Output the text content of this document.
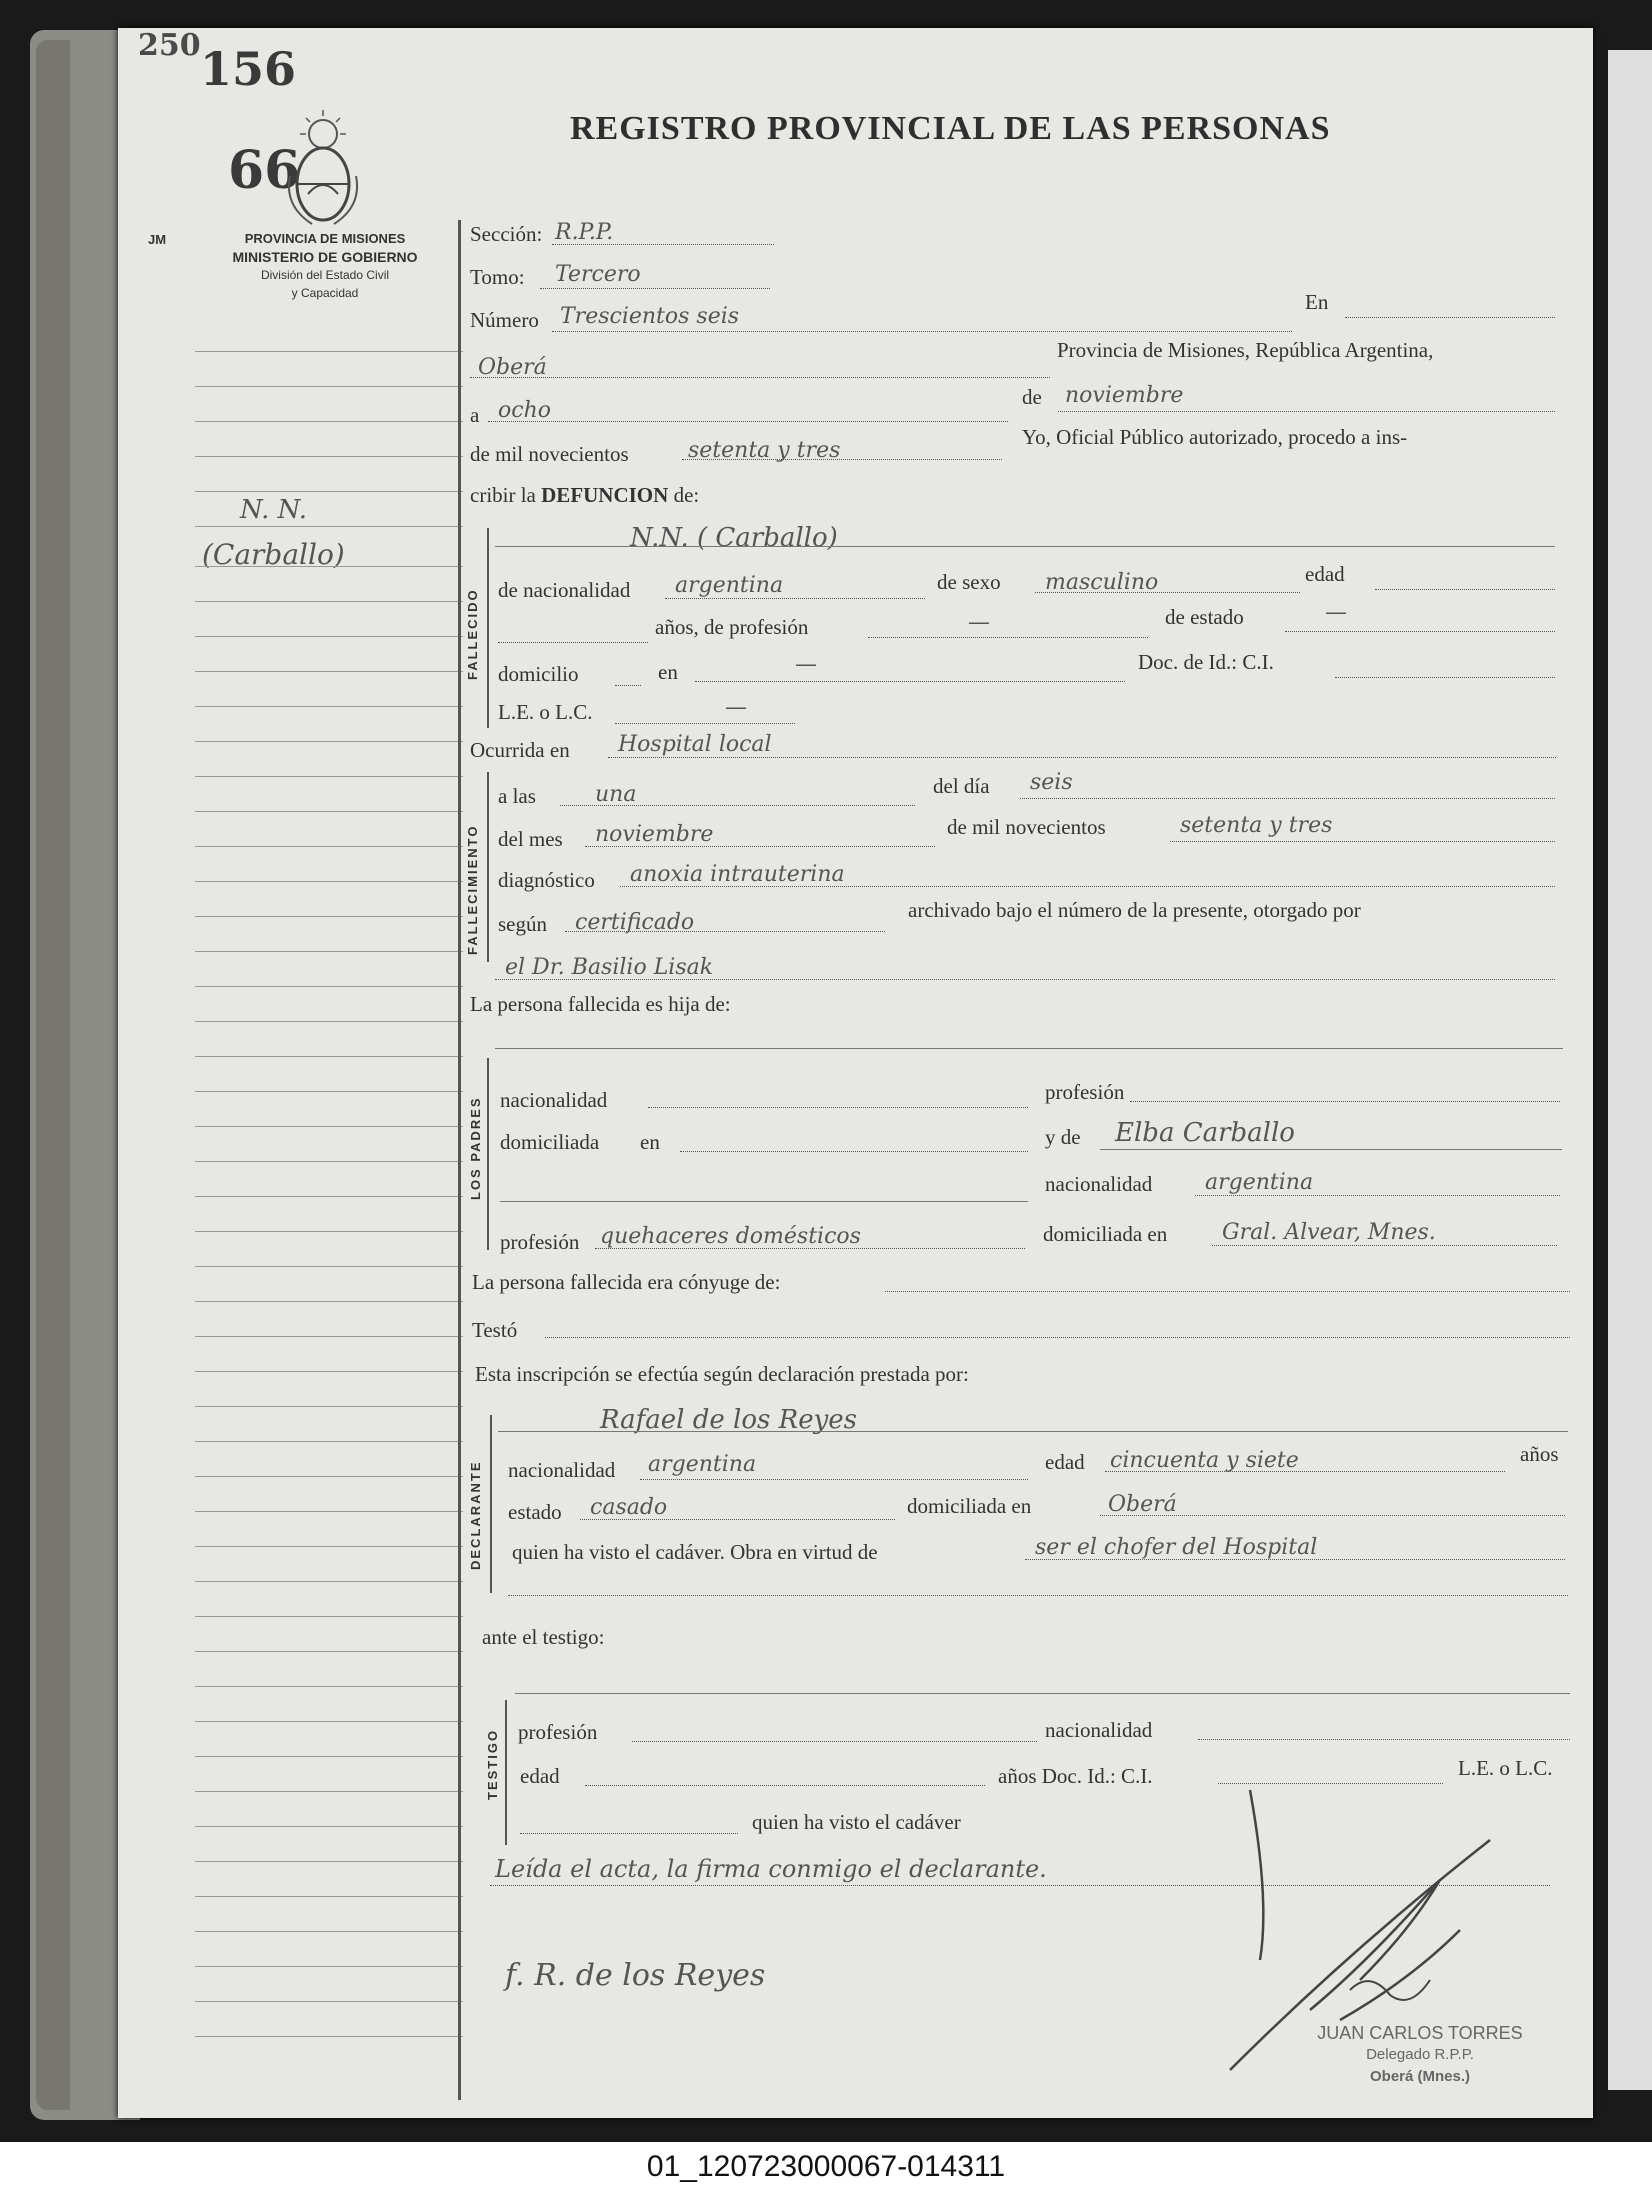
156
250
66
REGISTRO PROVINCIAL DE LAS PERSONAS
JM	PROVINCIA DE MISIONES
MINISTERIO DE GOBIERNO
División del Estado Civil
y Capacidad
N. N.
(Carballo)
Sección: R.P.P.
Tomo: Tercero
Número Trescientos seis
En
Oberá
Provincia de Misiones, República Argentina,
a ocho
de noviembre
de mil novecientos	setenta y tres
Yo, Oficial Público autorizado, procedo a ins-
cribir la DEFUNCION de:
FALLECIDO
N.N. ( Carballo)
de nacionalidad argentina	de sexo masculino	edad
años, de profesión	—	de estado	—
domicilio	en	—	Doc. de Id.: C.I.
L.E. o L.C.	—
Ocurrida en Hospital local
FALLECIMIENTO
a las	una	del día seis
del mes noviembre	de mil novecientos	setenta y tres
diagnóstico anoxia intrauterina
según certificado	archivado bajo el número de la presente, otorgado por
el Dr. Basilio Lisak
La persona fallecida es hija de:
LOS PADRES nacionalidad	profesión
domiciliada en	y de Elba Carballo
nacionalidad argentina
profesión quehaceres domésticos	domiciliada en Gral. Alvear, Mnes.
La persona fallecida era cónyuge de:
Testó
Esta inscripción se efectúa según declaración prestada por:
DECLARANTE
Rafael de los Reyes
nacionalidad argentina	edad cincuenta y siete	años
estado casado	domiciliada en	Oberá
quien ha visto el cadáver. Obra en virtud de	ser el chofer del Hospital
ante el testigo:
TESTIGO profesión	nacionalidad
edad	años Doc. Id.: C.I.	L.E. o L.C.
quien ha visto el cadáver
Leída el acta, la firma conmigo el declarante.
f. R. de los Reyes
JUAN CARLOS TORRES
Delegado R.P.P.
Oberá (Mnes.)
01_120723000067-014311
